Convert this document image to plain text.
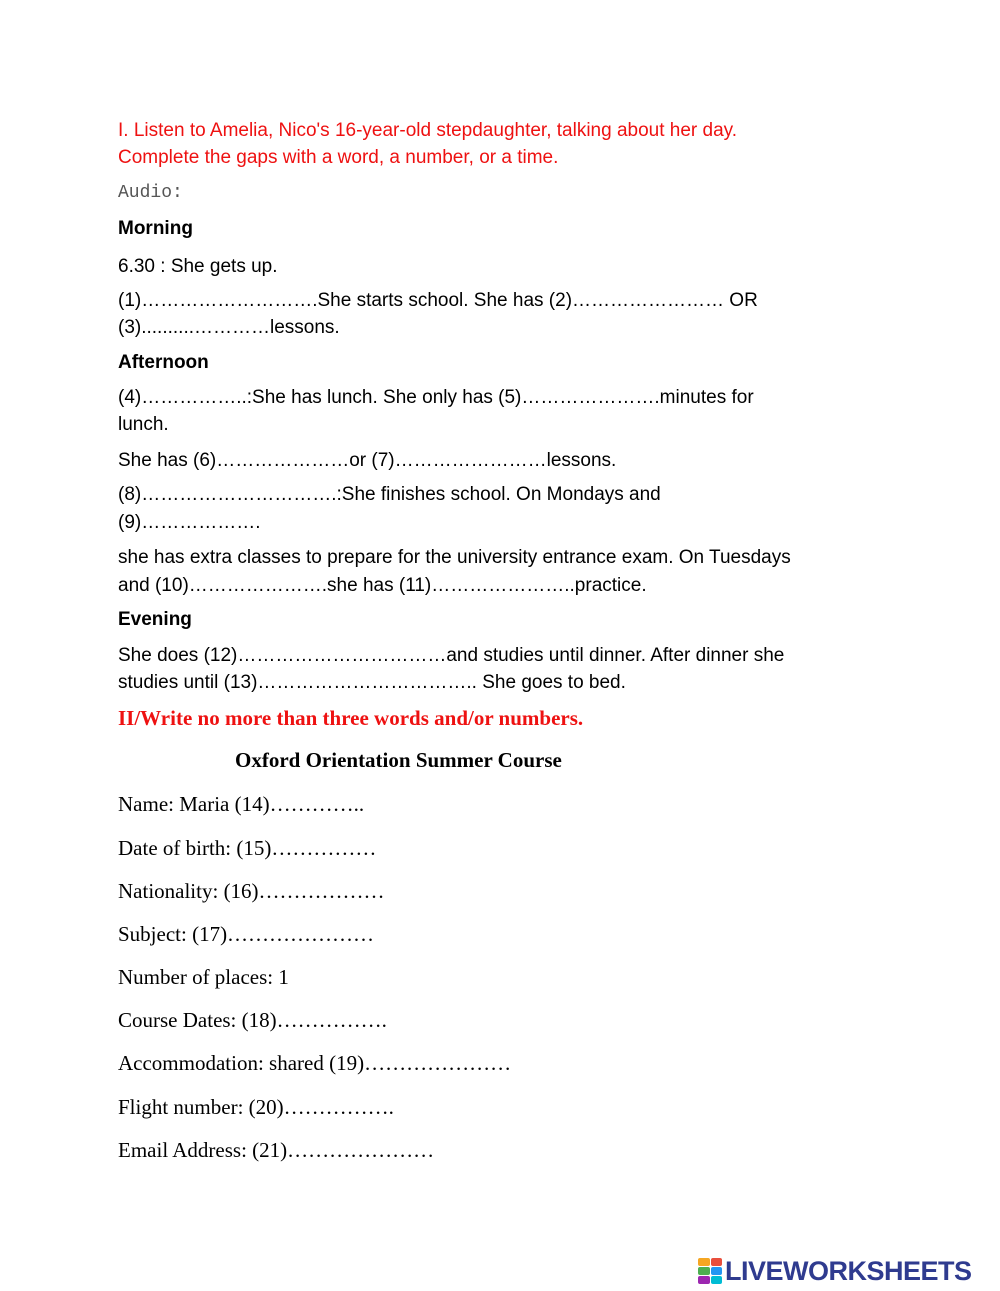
I. Listen to Amelia, Nico's 16-year-old stepdaughter, talking about her day.
Complete the gaps with a word, a number, or a time.
Audio:
Morning
6.30 : She gets up.
(1)……………………….She starts school. She has (2)…………………… OR
(3)..........…………lessons.
Afternoon
(4)……………..:She has lunch. She only has (5)………………….minutes for
lunch.
She has (6)…………………or (7)……………………lessons.
(8)………………………….:She finishes school. On Mondays and
(9)……………….
she has extra classes to prepare for the university entrance exam. On Tuesdays
and (10)………………….she has (11)…………………..practice.
Evening
She does (12)……………………………and studies until dinner. After dinner she
studies until (13)…………………………….. She goes to bed.
II/Write no more than three words and/or numbers.
Oxford Orientation Summer Course
Name: Maria (14)…………..
Date of birth: (15)……………
Nationality: (16)………………
Subject: (17)…………………
Number of places: 1
Course Dates: (18)…………….
Accommodation: shared (19)…………………
Flight number: (20)…………….
Email Address: (21)…………………
LIVEWORKSHEETS
